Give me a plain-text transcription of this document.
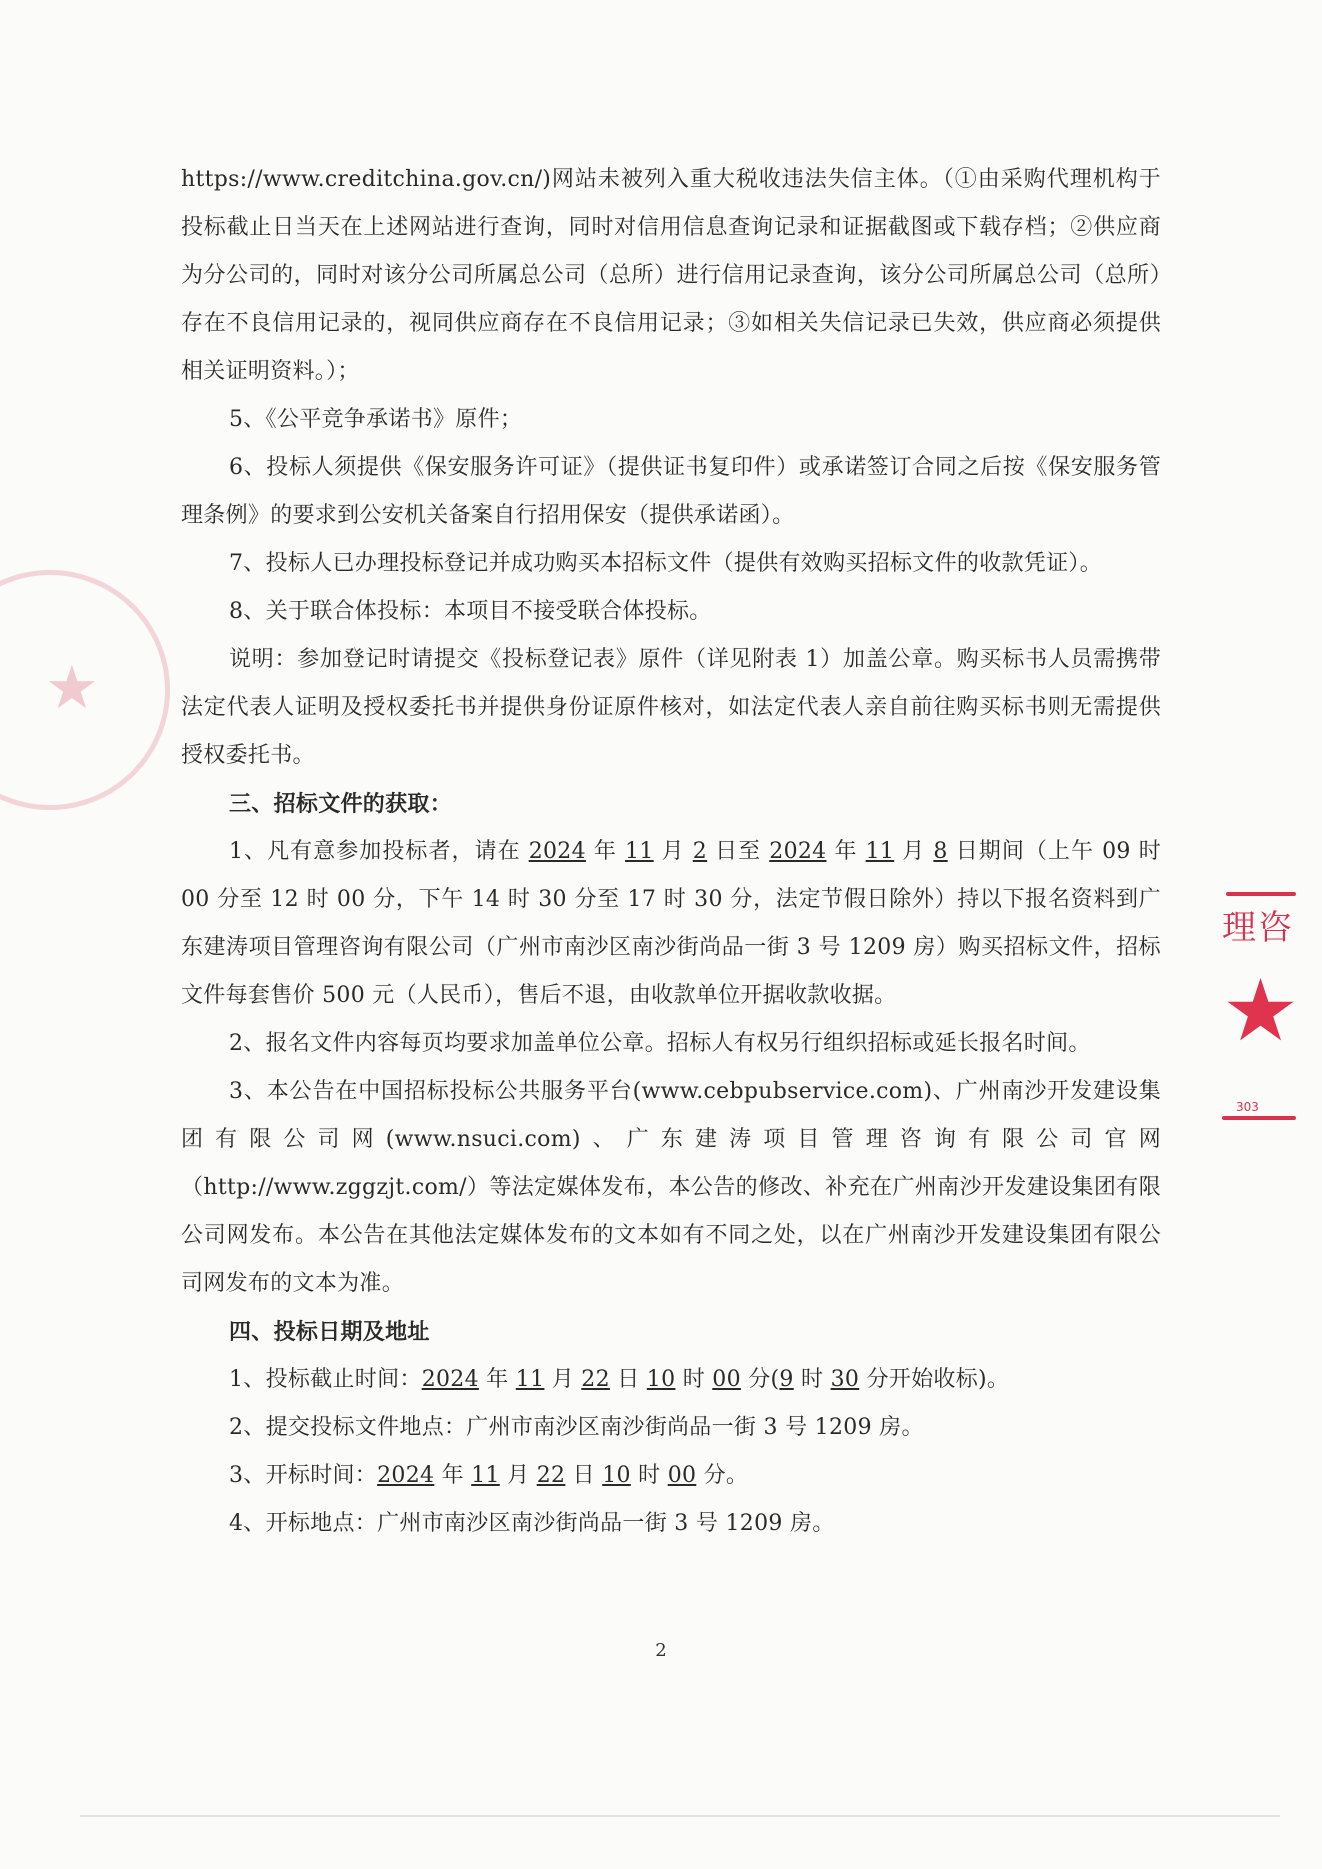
★
理咨
★
303

https://www.creditchina.gov.cn/)网站未被列入重大税收违法失信主体。（①由采购代理机构于投标截止日当天在上述网站进行查询，同时对信用信息查询记录和证据截图或下载存档；②供应商为分公司的，同时对该分公司所属总公司（总所）进行信用记录查询，该分公司所属总公司（总所）存在不良信用记录的，视同供应商存在不良信用记录；③如相关失信记录已失效，供应商必须提供相关证明资料。）；

5、《公平竞争承诺书》原件；

6、投标人须提供《保安服务许可证》（提供证书复印件）或承诺签订合同之后按《保安服务管理条例》的要求到公安机关备案自行招用保安（提供承诺函）。

7、投标人已办理投标登记并成功购买本招标文件（提供有效购买招标文件的收款凭证）。

8、关于联合体投标：本项目不接受联合体投标。

说明：参加登记时请提交《投标登记表》原件（详见附表 1）加盖公章。购买标书人员需携带法定代表人证明及授权委托书并提供身份证原件核对，如法定代表人亲自前往购买标书则无需提供授权委托书。

三、招标文件的获取：

1、凡有意参加投标者，请在 2024 年 11 月 2 日至 2024 年 11 月 8 日期间（上午 09 时 00 分至 12 时 00 分，下午 14 时 30 分至 17 时 30 分，法定节假日除外）持以下报名资料到广东建涛项目管理咨询有限公司（广州市南沙区南沙街尚品一街 3 号 1209 房）购买招标文件，招标文件每套售价 500 元（人民币），售后不退，由收款单位开据收款收据。

2、报名文件内容每页均要求加盖单位公章。招标人有权另行组织招标或延长报名时间。

3、本公告在中国招标投标公共服务平台(www.cebpubservice.com)、广州南沙开发建设集团有限公司网(www.nsuci.com)、广东建涛项目管理咨询有限公司官网（http://www.zggzjt.com/）等法定媒体发布，本公告的修改、补充在广州南沙开发建设集团有限公司网发布。本公告在其他法定媒体发布的文本如有不同之处，以在广州南沙开发建设集团有限公司网发布的文本为准。

四、投标日期及地址

1、投标截止时间：2024 年 11 月 22 日 10 时 00 分(9 时 30 分开始收标)。

2、提交投标文件地点：广州市南沙区南沙街尚品一街 3 号 1209 房。

3、开标时间：2024 年 11 月 22 日 10 时 00 分。

4、开标地点：广州市南沙区南沙街尚品一街 3 号 1209 房。

2
